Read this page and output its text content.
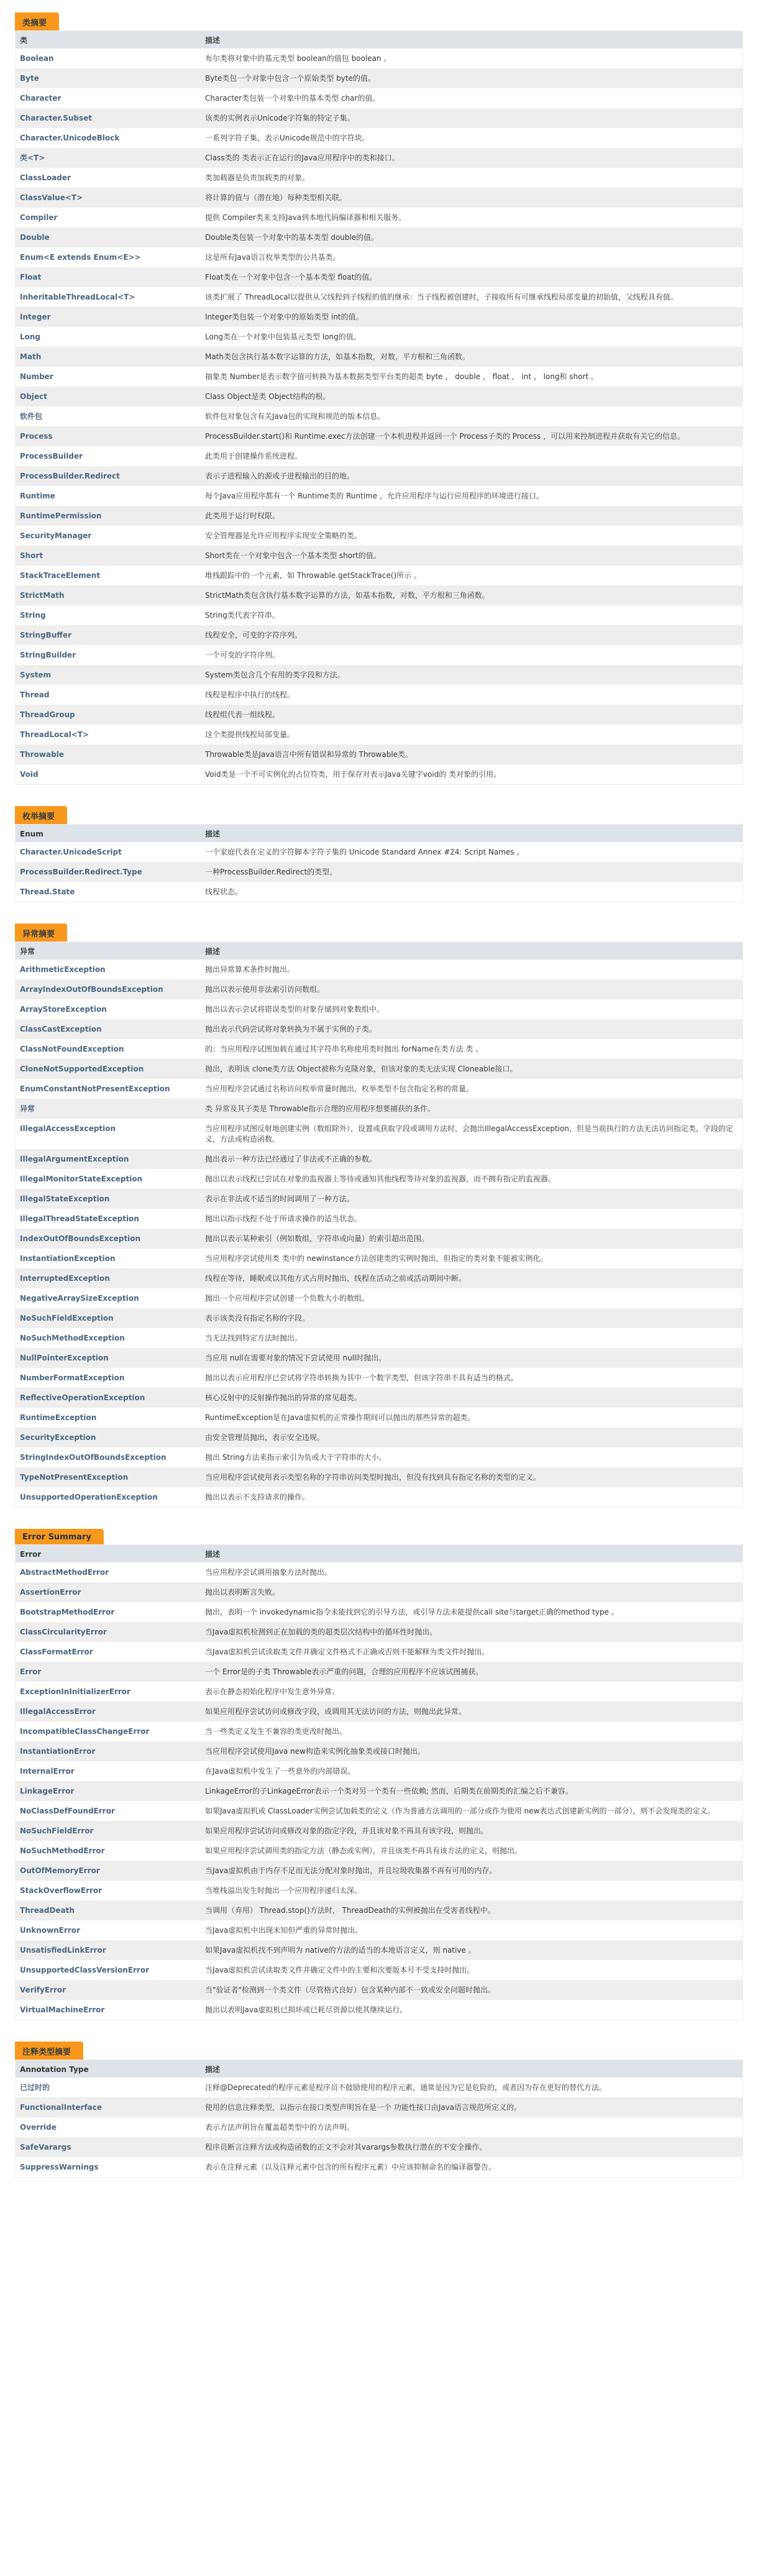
类摘要
类	描述
Boolean	布尔类将对象中的基元类型 boolean的值包 boolean 。
Byte	Byte类包一个对象中包含一个原始类型 byte的值。
Character	Character类包装一个对象中的基本类型 char的值。
Character.Subset	该类的实例表示Unicode字符集的特定子集。
Character.UnicodeBlock	一系列字符子集，表示Unicode规范中的字符块。
类<T>	Class类的 类表示正在运行的Java应用程序中的类和接口。
ClassLoader	类加载器是负责加载类的对象。
ClassValue<T>	将计算的值与（潜在地）每种类型相关联。
Compiler	提供 Compiler类来支持Java到本地代码编译器和相关服务。
Double	Double类包装一个对象中的基本类型 double的值。
Enum<E extends Enum<E>>	这是所有Java语言枚举类型的公共基类。
Float	Float类在一个对象中包含一个基本类型 float的值。
InheritableThreadLocal<T>	该类扩展了 ThreadLocal以提供从父线程到子线程的值的继承：当子线程被创建时，子接收所有可继承线程局部变量的初始值，父线程具有值。
Integer	Integer类包装一个对象中的原始类型 int的值。
Long	Long类在一个对象中包装基元类型 long的值。
Math	Math类包含执行基本数字运算的方法，如基本指数，对数，平方根和三角函数。
Number	抽象类 Number是表示数字值可转换为基本数据类型平台类的超类 byte ， double ， float ， int ， long和 short 。
Object	Class Object是类 Object结构的根。
软件包	软件包对象包含有关Java包的实现和规范的版本信息。
Process	ProcessBuilder.start()和 Runtime.exec方法创建一个本机进程并返回一个 Process子类的 Process ，可以用来控制进程并获取有关它的信息。
ProcessBuilder	此类用于创建操作系统进程。
ProcessBuilder.Redirect	表示子进程输入的源或子进程输出的目的地。
Runtime	每个Java应用程序都有一个 Runtime类的 Runtime ，允许应用程序与运行应用程序的环境进行接口。
RuntimePermission	此类用于运行时权限。
SecurityManager	安全管理器是允许应用程序实现安全策略的类。
Short	Short类在一个对象中包含一个基本类型 short的值。
StackTraceElement	堆栈跟踪中的一个元素，如 Throwable.getStackTrace()所示 。
StrictMath	StrictMath类包含执行基本数字运算的方法，如基本指数，对数，平方根和三角函数。
String	String类代表字符串。
StringBuffer	线程安全，可变的字符序列。
StringBuilder	一个可变的字符序列。
System	System类包含几个有用的类字段和方法。
Thread	线程是程序中执行的线程。
ThreadGroup	线程组代表一组线程。
ThreadLocal<T>	这个类提供线程局部变量。
Throwable	Throwable类是Java语言中所有错误和异常的 Throwable类。
Void	Void类是一个不可实例化的占位符类，用于保存对表示Java关键字void的 类对象的引用。
枚举摘要
Enum	描述
Character.UnicodeScript	一个家庭代表在定义的字符脚本字符子集的 Unicode Standard Annex #24: Script Names 。
ProcessBuilder.Redirect.Type	一种ProcessBuilder.Redirect的类型。
Thread.State	线程状态。
异常摘要
异常	描述
ArithmeticException	抛出异常算术条件时抛出。
ArrayIndexOutOfBoundsException	抛出以表示使用非法索引访问数组。
ArrayStoreException	抛出以表示尝试将错误类型的对象存储到对象数组中。
ClassCastException	抛出表示代码尝试将对象转换为不属于实例的子类。
ClassNotFoundException	的：当应用程序试图加载在通过其字符串名称使用类时抛出 forName在类方法 类 。
CloneNotSupportedException	抛出，表明该 clone类方法 Object被称为克隆对象，但该对象的类无法实现 Cloneable接口。
EnumConstantNotPresentException	当应用程序尝试通过名称访问枚举常量时抛出，枚举类型不包含指定名称的常量。
异常	类 异常及其子类是 Throwable指示合理的应用程序想要捕获的条件。
IllegalAccessException	当应用程序试图反射地创建实例（数组除外），设置或获取字段或调用方法时，会抛出IllegalAccessException，但是当前执行的方法无法访问指定类，字段的定义，方法或构造函数。
IllegalArgumentException	抛出表示一种方法已经通过了非法或不正确的参数。
IllegalMonitorStateException	抛出以表示线程已尝试在对象的监视器上等待或通知其他线程等待对象的监视器，而不拥有指定的监视器。
IllegalStateException	表示在非法或不适当的时间调用了一种方法。
IllegalThreadStateException	抛出以指示线程不处于所请求操作的适当状态。
IndexOutOfBoundsException	抛出以表示某种索引（例如数组，字符串或向量）的索引超出范围。
InstantiationException	当应用程序尝试使用类 类中的 newInstance方法创建类的实例时抛出，但指定的类对象不能被实例化。
InterruptedException	线程在等待，睡眠或以其他方式占用时抛出，线程在活动之前或活动期间中断。
NegativeArraySizeException	抛出一个应用程序尝试创建一个负数大小的数组。
NoSuchFieldException	表示该类没有指定名称的字段。
NoSuchMethodException	当无法找到特定方法时抛出。
NullPointerException	当应用 null在需要对象的情况下尝试使用 null时抛出。
NumberFormatException	抛出以表示应用程序已尝试将字符串转换为其中一个数字类型，但该字符串不具有适当的格式。
ReflectiveOperationException	核心反射中的反射操作抛出的异常的常见超类。
RuntimeException	RuntimeException是在Java虚拟机的正常操作期间可以抛出的那些异常的超类。
SecurityException	由安全管理员抛出，表示安全违规。
StringIndexOutOfBoundsException	抛出 String方法来指示索引为负或大于字符串的大小。
TypeNotPresentException	当应用程序尝试使用表示类型名称的字符串访问类型时抛出，但没有找到具有指定名称的类型的定义。
UnsupportedOperationException	抛出以表示不支持请求的操作。
Error Summary
Error	描述
AbstractMethodError	当应用程序尝试调用抽象方法时抛出。
AssertionError	抛出以表明断言失败。
BootstrapMethodError	抛出，表明一个 invokedynamic指令未能找到它的引导方法，或引导方法未能提供call site与target正确的method type 。
ClassCircularityError	当Java虚拟机检测到正在加载的类的超类层次结构中的循环性时抛出。
ClassFormatError	当Java虚拟机尝试读取类文件并确定文件格式不正确或否则不能解释为类文件时抛出。
Error	一个 Error是的子类 Throwable表示严重的问题，合理的应用程序不应该试图捕获。
ExceptionInInitializerError	表示在静态初始化程序中发生意外异常。
IllegalAccessError	如果应用程序尝试访问或修改字段，或调用其无法访问的方法，则抛出此异常。
IncompatibleClassChangeError	当一些类定义发生不兼容的类更改时抛出。
InstantiationError	当应用程序尝试使用Java new构造来实例化抽象类或接口时抛出。
InternalError	在Java虚拟机中发生了一些意外的内部错误。
LinkageError	LinkageError的子LinkageError表示一个类对另一个类有一些依赖; 然而，后期类在前期类的汇编之后不兼容。
NoClassDefFoundError	如果Java虚拟机或 ClassLoader实例尝试加载类的定义（作为普通方法调用的一部分或作为使用 new表达式创建新实例的一部分），则不会发现类的定义。
NoSuchFieldError	如果应用程序尝试访问或修改对象的指定字段，并且该对象不再具有该字段，则抛出。
NoSuchMethodError	如果应用程序尝试调用类的指定方法（静态或实例），并且该类不再具有该方法的定义，则抛出。
OutOfMemoryError	当Java虚拟机由于内存不足而无法分配对象时抛出，并且垃圾收集器不再有可用的内存。
StackOverflowError	当堆栈溢出发生时抛出一个应用程序递归太深。
ThreadDeath	当调用（弃用） Thread.stop()方法时， ThreadDeath的实例被抛出在受害者线程中。
UnknownError	当Java虚拟机中出现未知但严重的异常时抛出。
UnsatisfiedLinkError	如果Java虚拟机找不到声明为 native的方法的适当的本地语言定义，则 native 。
UnsupportedClassVersionError	当Java虚拟机尝试读取类文件并确定文件中的主要和次要版本号不受支持时抛出。
VerifyError	当"验证者"检测到一个类文件（尽管格式良好）包含某种内部不一致或安全问题时抛出。
VirtualMachineError	抛出以表明Java虚拟机已损坏或已耗尽资源以使其继续运行。
注释类型摘要
Annotation Type	描述
已过时的	注释@Deprecated的程序元素是程序员不鼓励使用的程序元素，通常是因为它是危险的，或者因为存在更好的替代方法。
FunctionalInterface	使用的信息注释类型，以指示在接口类型声明旨在是一个 功能性接口由Java语言规范所定义的。
Override	表示方法声明旨在覆盖超类型中的方法声明。
SafeVarargs	程序员断言注释方法或构造函数的正文不会对其varargs参数执行潜在的不安全操作。
SuppressWarnings	表示在注释元素（以及注释元素中包含的所有程序元素）中应该抑制命名的编译器警告。
